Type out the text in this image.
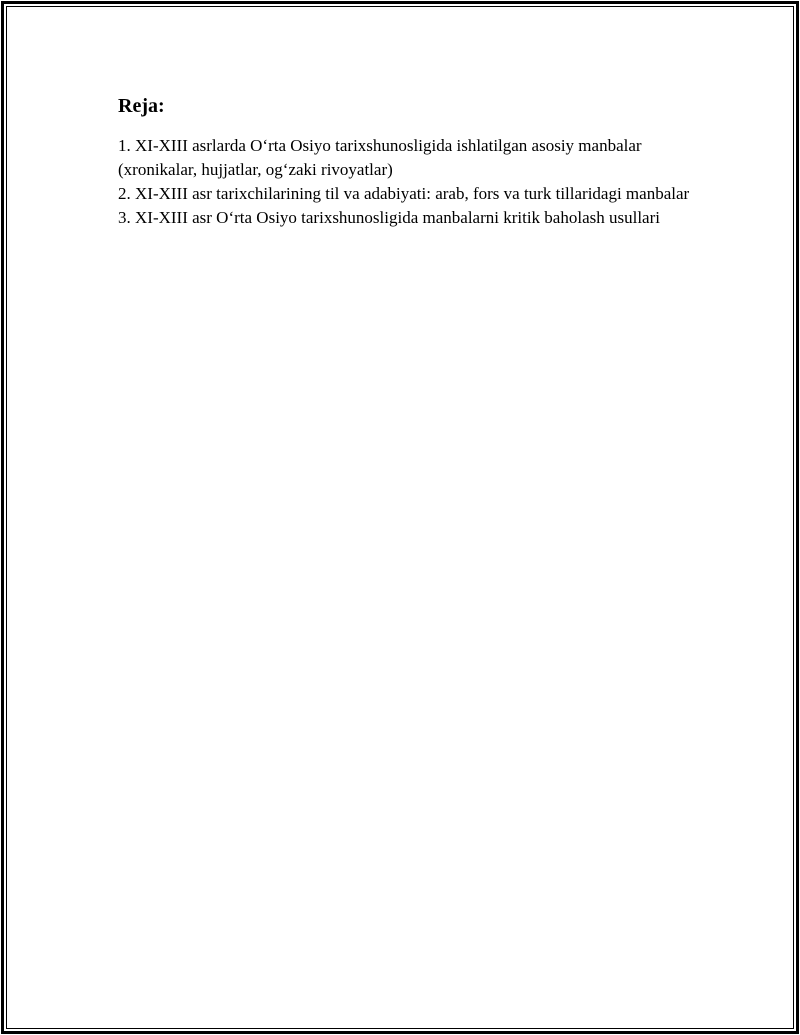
Reja:
1. XI-XIII asrlarda O‘rta Osiyo tarixshunosligida ishlatilgan asosiy manbalar (xronikalar, hujjatlar, og‘zaki rivoyatlar)
2. XI-XIII asr tarixchilarining til va adabiyati: arab, fors va turk tillaridagi manbalar
3. XI-XIII asr O‘rta Osiyo tarixshunosligida manbalarni kritik baholash usullari
